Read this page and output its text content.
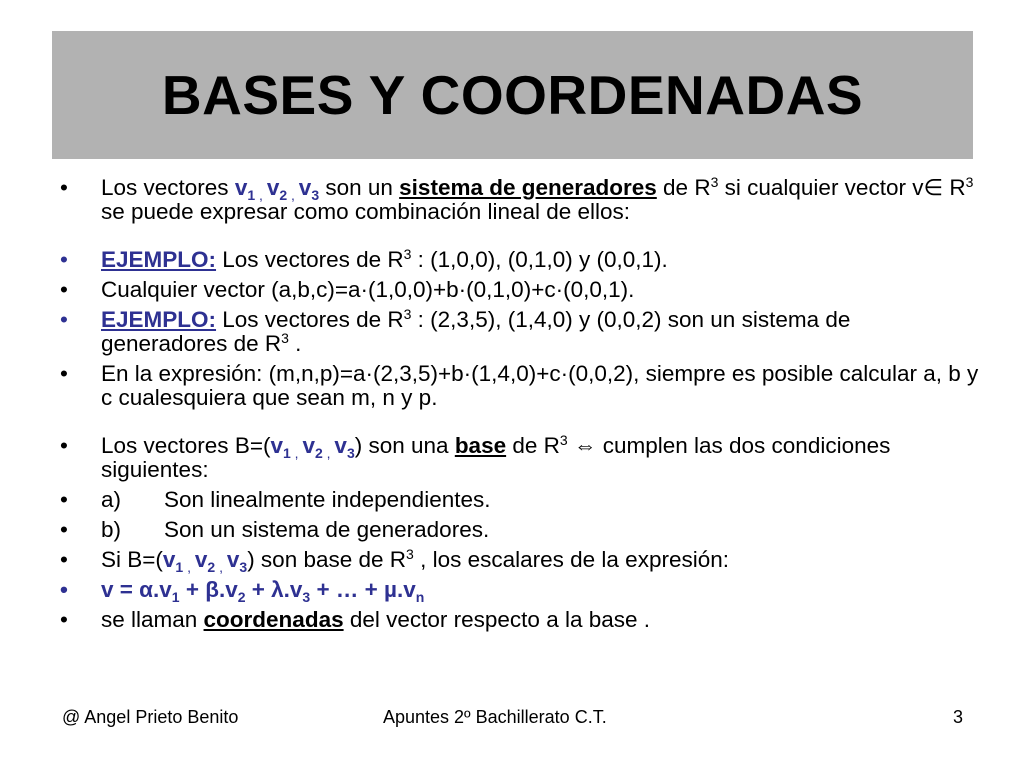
BASES Y COORDENADAS
• Los vectores $v_1$ $_,$ $v_2$ $_,$ $v_3$ son un sistema de generadores de $R^3$ si cualquier vector v∈ $R^3$ se puede expresar como combinación lineal de ellos:
• EJEMPLO: Los vectores de $R^3$ : (1,0,0), (0,1,0) y (0,0,1).
• Cualquier vector (a,b,c)=a·(1,0,0)+b·(0,1,0)+c·(0,0,1).
• EJEMPLO: Los vectores de $R^3$ : (2,3,5), (1,4,0) y (0,0,2) son un sistema de generadores de $R^3$ .
• En la expresión: (m,n,p)=a·(2,3,5)+b·(1,4,0)+c·(0,0,2), siempre es posible calcular a, b y c cualesquiera que sean m, n y p.
• Los vectores $B=(v_1$ $_,$ $v_2$ $_,$ $v_3$) son una base de $R^3$ ⇔ cumplen las dos condiciones siguientes:
• a) Son linealmente independientes.
• b) Son un sistema de generadores.
• Si $B=(v_1$ $_,$ $v_2$ $_,$ $v_3$) son base de $R^3$ , los escalares de la expresión:
• $v = \alpha.v_1 + \beta.v_2 + \lambda.v_3$ + … + $\mu.v_n$
• se llaman coordenadas del vector respecto a la base .
@ Angel Prieto Benito	Apuntes 2º Bachillerato C.T.	3
